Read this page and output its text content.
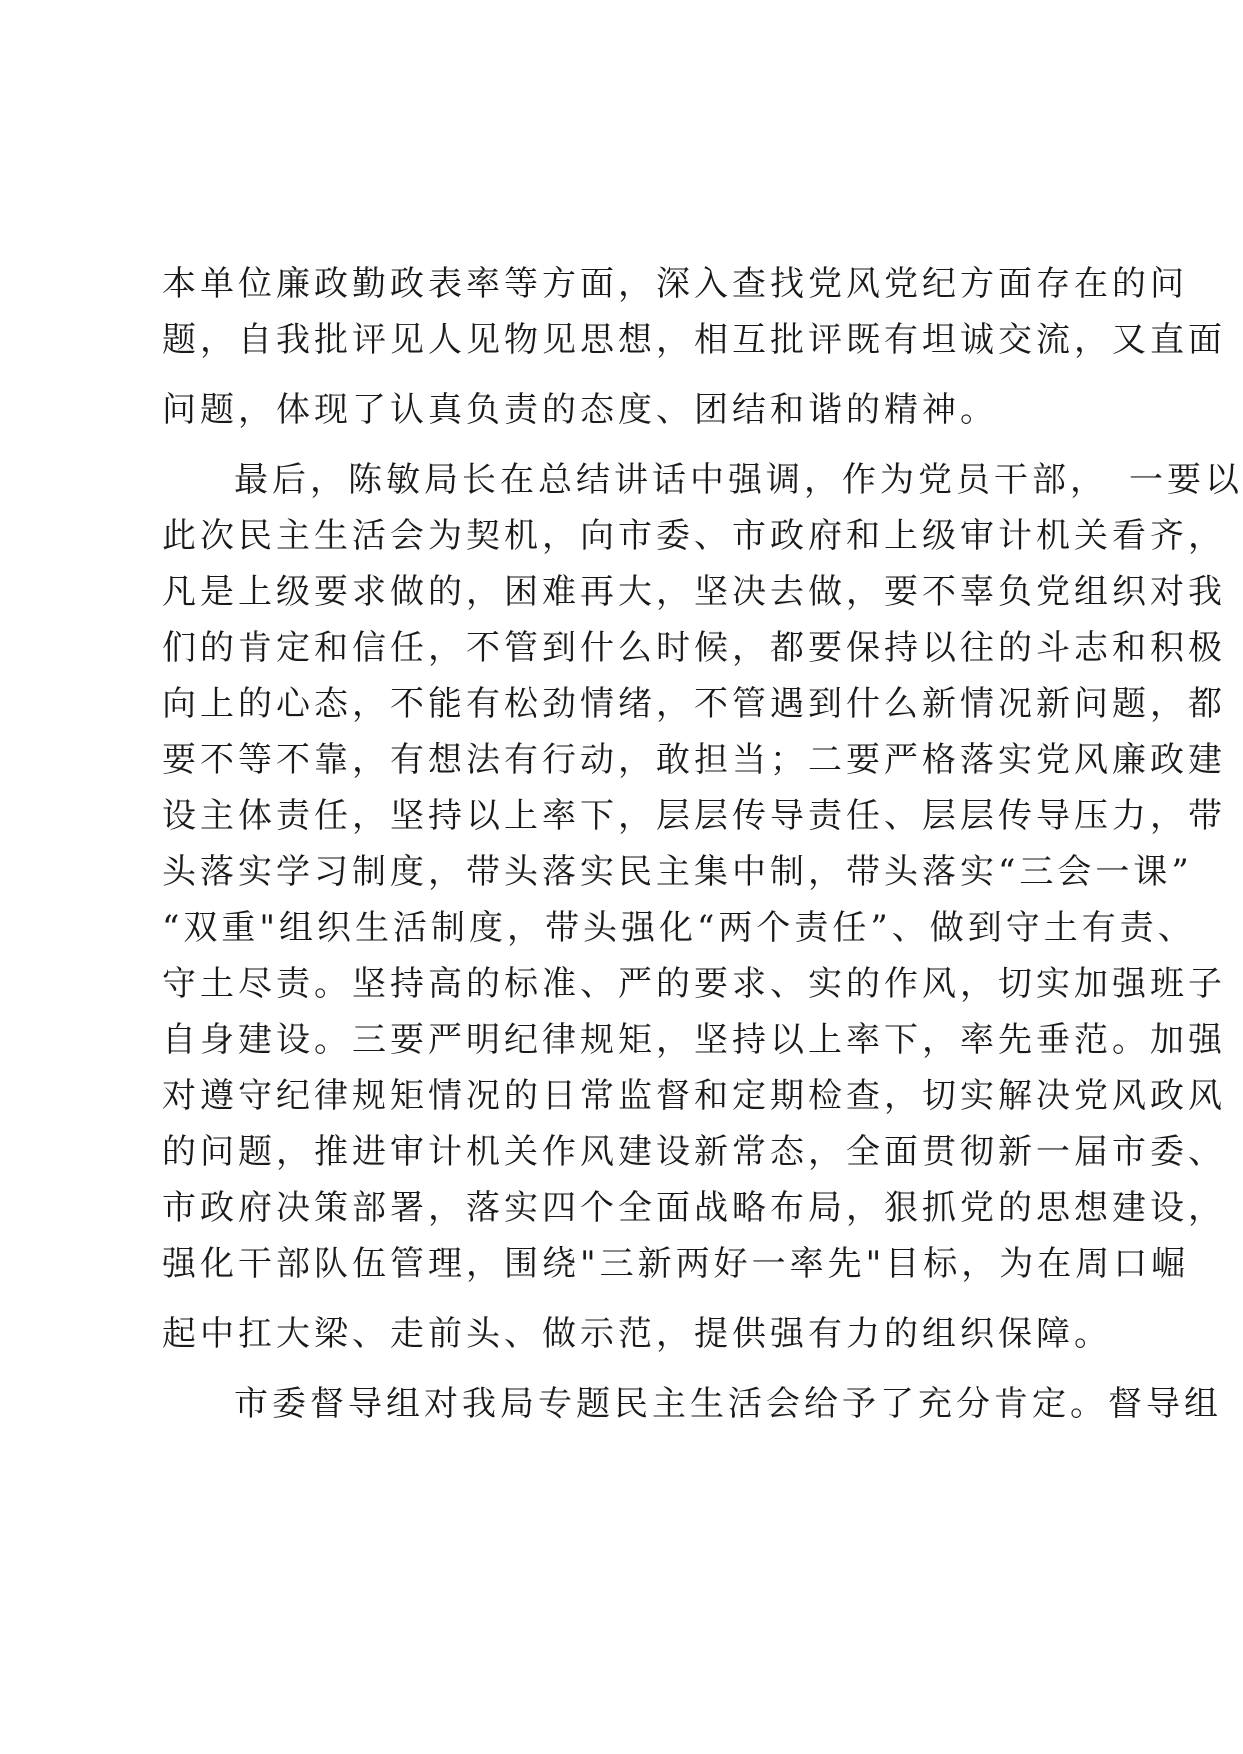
本单位廉政勤政表率等方面，深入查找党风党纪方面存在的问
题，自我批评见人见物见思想，相互批评既有坦诚交流，又直面
问题，体现了认真负责的态度、团结和谐的精神。
最后，陈敏局长在总结讲话中强调，作为党员干部，　一要以
此次民主生活会为契机，向市委、市政府和上级审计机关看齐，
凡是上级要求做的，困难再大，坚决去做，要不辜负党组织对我
们的肯定和信任，不管到什么时候，都要保持以往的斗志和积极
向上的心态，不能有松劲情绪，不管遇到什么新情况新问题，都
要不等不靠，有想法有行动，敢担当；二要严格落实党风廉政建
设主体责任，坚持以上率下，层层传导责任、层层传导压力，带
头落实学习制度，带头落实民主集中制，带头落实“三会一课”
“双重"组织生活制度，带头强化“两个责任”、做到守土有责、
守土尽责。坚持高的标准、严的要求、实的作风，切实加强班子
自身建设。三要严明纪律规矩，坚持以上率下，率先垂范。加强
对遵守纪律规矩情况的日常监督和定期检查，切实解决党风政风
的问题，推进审计机关作风建设新常态，全面贯彻新一届市委、
市政府决策部署，落实四个全面战略布局，狠抓党的思想建设，
强化干部队伍管理，围绕"三新两好一率先"目标，为在周口崛
起中扛大梁、走前头、做示范，提供强有力的组织保障。
市委督导组对我局专题民主生活会给予了充分肯定。督导组
